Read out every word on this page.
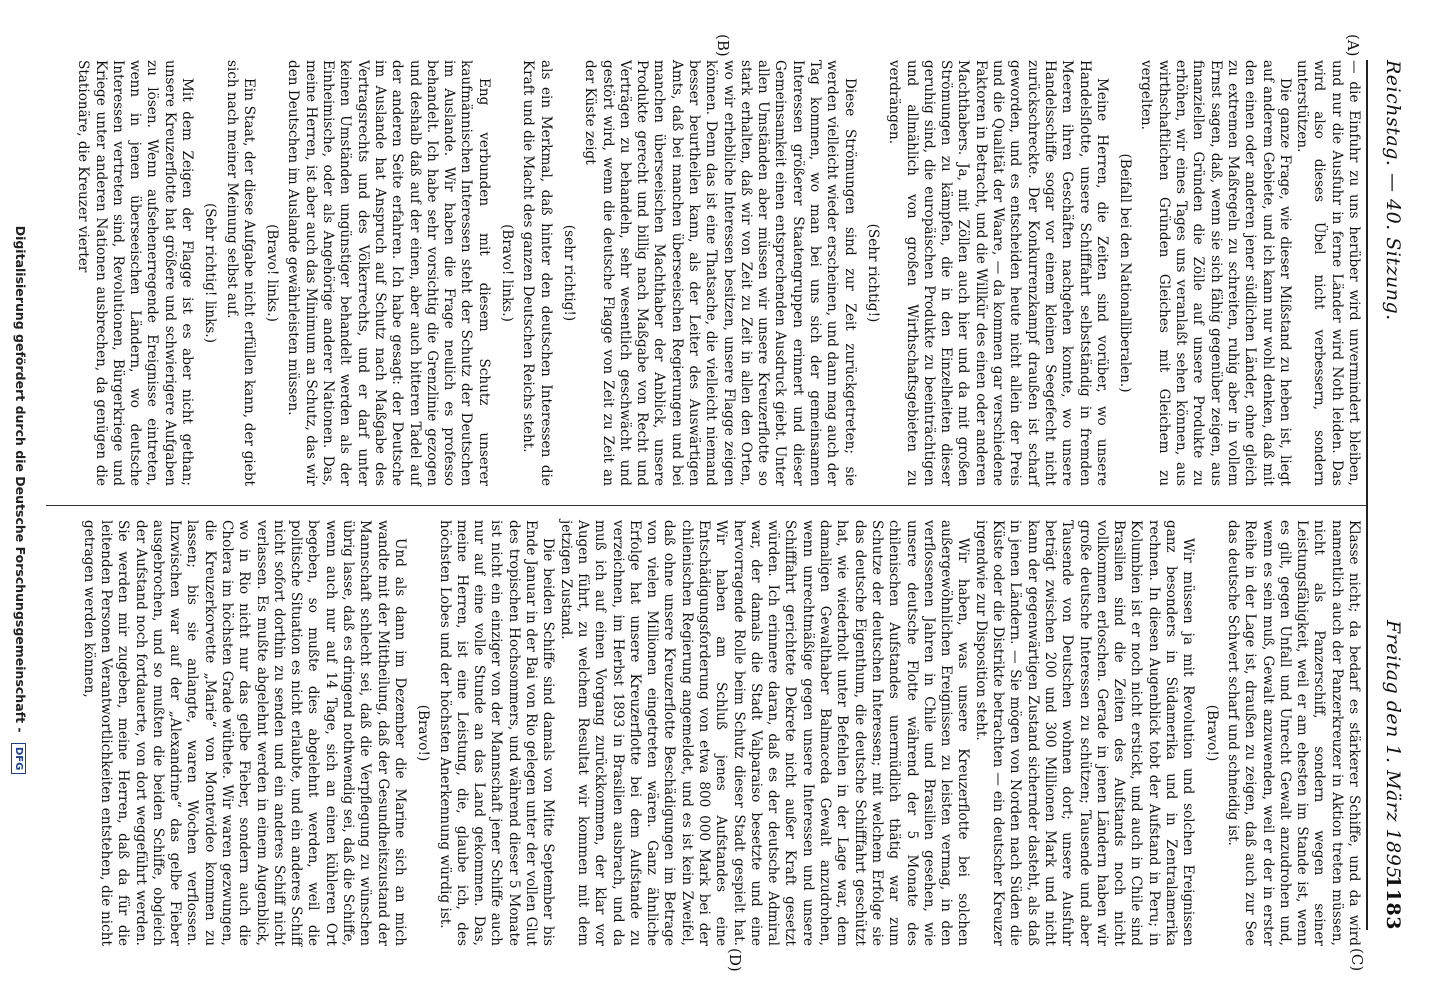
Reichstag. — 40. Sitzung.
Freitag den 1. März 1895.
1183
(A)
(B)
(C)
(D)

— die Einfuhr zu uns herüber wird unvermindert bleiben, und nur die Ausfuhr in ferne Länder wird Noth leiden. Das wird also dieses Übel nicht verbessern, sondern unterstützen.

Die ganze Frage, wie dieser Mißstand zu heben ist, liegt auf anderem Gebiete, und ich kann nur wohl denken, daß mit den einen oder anderen jener südlichen Länder, ohne gleich zu extremen Maßregeln zu schreiten, ruhig aber in vollem Ernst sagen, daß, wenn sie sich fähig gegenüber zeigen, aus finanziellen Gründen die Zölle auf unsere Produkte zu erhöhen, wir eines Tages uns veranlaßt sehen können, aus wirthschaftlichen Gründen Gleiches mit Gleichem zu vergelten.

(Beifall bei den Nationalliberalen.)

Meine Herren, die Zeiten sind vorüber, wo unsere Handelsflotte, unsere Schifffahrt selbstständig in fremden Meeren ihren Geschäften nachgehen konnte, wo unsere Handelsschiffe sogar vor einem kleinen Seegefecht nicht zurückschreckte. Der Konkurrenzkampf draußen ist scharf geworden, und es entscheiden heute nicht allein der Preis und die Qualität der Waare, — da kommen gar verschiedene Faktoren in Betracht, und die Willkür des einen oder anderen Machthabers. Ja, mit Zöllen auch hier und da mit großen Strömungen zu kämpfen, die in den Einzelheiten dieser geruhig sind, die europäischen Produkte zu beeinträchtigen und allmählich von großen Wirthschaftsgebieten zu verdrängen.

(Sehr richtig!)

Diese Strömungen sind zur Zeit zurückgetreten; sie werden vielleicht wieder erscheinen, und dann mag auch der Tag kommen, wo man bei uns sich der gemeinsamen Interessen größerer Staatengruppen erinnert und dieser Gemeinsamkeit einen entsprechenden Ausdruck giebt. Unter allen Umständen aber müssen wir unsere Kreuzerflotte so stark erhalten, daß wir von Zeit zu Zeit in allen den Orten, wo wir erhebliche Interessen besitzen, unsere Flagge zeigen können. Denn das ist eine Thatsache, die vielleicht niemand besser beurtheilen kann, als der Leiter des Auswärtigen Amts, daß bei manchen überseeischen Regierungen und bei manchen überseeischen Machthaber der Anblick, unsere Produkte gerecht und billig nach Maßgabe von Recht und Verträgen zu behandeln, sehr wesentlich geschwächt und gestört wird, wenn die deutsche Flagge von Zeit zu Zeit an der Küste zeigt

(sehr richtig!)

als ein Merkmal, daß hinter den deutschen Interessen die Kraft und die Macht des ganzen Deutschen Reichs steht.

(Bravo! links.)

Eng verbunden mit diesem Schutz unserer kaufmännischen Interessen steht der Schutz der Deutschen im Auslande. Wir haben die Frage neulich es professo behandelt. Ich habe sehr vorsichtig die Grenzlinie gezogen und deshalb daß auf der einen, aber auch bitteren Tadel auf der anderen Seite erfahren. Ich habe gesagt: der Deutsche im Auslande hat Anspruch auf Schutz nach Maßgabe des Vertragsrechts und des Völkerrechts, und er darf unter keinen Umständen ungünstiger behandelt werden als der Einheimische, oder als Angehörige anderer Nationen. Das, meine Herren, ist aber auch das Minimum an Schutz, das wir den Deutschen im Auslande gewährleisten müssen.

(Bravo! links.)

Ein Staat, der diese Aufgabe nicht erfüllen kann, der giebt sich nach meiner Meinung selbst auf.

(Sehr richtig! links.)

Mit dem Zeigen der Flagge ist es aber nicht gethan; unsere Kreuzerflotte hat größere und schwierigere Aufgaben zu lösen. Wenn aufsehenerregende Ereignisse eintreten, wenn in jenen überseeischen Ländern, wo deutsche Interessen vertreten sind, Revolutionen, Bürgerkriege und Kriege unter anderen Nationen ausbrechen, da genügen die Stationäre, die Kreuzer vierter

Klasse nicht; da bedarf es stärkerer Schiffe, und da wird namentlich auch der Panzerkreuzer in Aktion treten müssen, nicht als Panzerschiff, sondern wegen seiner Leistungsfähigkeit, weil er am ehesten im Stande ist, wenn es gilt, gegen Unfall und Unrecht Gewalt anzudrohen und, wenn es sein muß, Gewalt anzuwenden, weil er der in erster Reihe in der Lage ist, draußen zu zeigen, daß auch zur See das deutsche Schwert scharf und schneidig ist.

(Bravo!)

Wir müssen ja mit Revolution und solchen Ereignissen ganz besonders in Südamerika und in Zentralamerika rechnen. In diesen Augenblick tobt der Aufstand in Peru; in Kolumbien ist er noch nicht erstickt, und auch in Chile sind Brasilien sind die Zeiten des Aufstands noch nicht vollkommen erloschen. Gerade in jenen Ländern haben wir große deutsche Interessen zu schützen; Tausende und aber Tausende von Deutschen wohnen dort; unsere Ausfuhr beträgt zwischen 200 und 300 Millionen Mark und nicht kann der gegenwärtigen Zustand sichernder dasteht, als daß in jenen Ländern. — Sie mögen von Norden nach Süden die Küste oder die Distrikte betrachten — ein deutscher Kreuzer irgendwie zur Disposition steht.

Wir haben, was unsere Kreuzerflotte bei solchen außergewöhnlichen Ereignissen zu leisten vermag, in den verflossenen Jahren in Chile und Brasilien gesehen, wie unsere deutsche Flotte während der 5 Monate des chilenischen Aufstandes unermüdlich thätig war zum Schutze der deutschen Interessen; mit welchem Erfolge sie das deutsche Eigenthum, die deutsche Schifffahrt geschützt hat, wie wiederholt unter Befehlen in der Lage war, dem damaligen Gewalthaber Balmaceda Gewalt anzudrohen, wenn unrechtmäßige gegen unsere Interessen und unsere Schifffahrt gerichtete Dekrete nicht außer Kraft gesetzt würden. Ich erinnere daran, daß es der deutsche Admiral war, der damals die Stadt Valparaiso besetzte und eine hervorragende Rolle beim Schutz dieser Stadt gespielt hat. Wir haben am Schluß jenes Aufstandes eine Entschädigungsforderung von etwa 800 000 Mark bei der chilenischen Regierung angemeldet, und es ist kein Zweifel, daß ohne unsere Kreuzerflotte Beschädigungen im Betrage von vielen Millionen eingetreten wären. Ganz ähnliche Erfolge hat unsere Kreuzerflotte bei dem Aufstande zu verzeichnen, im Herbst 1893 in Brasilien ausbrach, und da muß ich auf einen Vorgang zurückkommen, der klar vor Augen führt, zu welchem Resultat wir kommen mit dem jetzigen Zustand.

Die beiden Schiffe sind damals von Mitte September bis Ende Januar in der Bai von Rio gelegen unter der vollen Glut des tropischen Hochsommers, und während dieser 5 Monate ist nicht ein einziger von der Mannschaft jener Schiffe auch nur auf eine volle Stunde an das Land gekommen. Das, meine Herren, ist eine Leistung, die, glaube ich, des höchsten Lobes und der höchsten Anerkennung würdig ist.

(Bravo!)

Und als dann im Dezember die Marine sich an mich wandte mit der Mittheilung, daß der Gesundheitszustand der Mannschaft schlecht sei, daß die Verpflegung zu wünschen übrig lasse, daß es dringend nothwendig sei, daß die Schiffe, wenn auch nur auf 14 Tage, sich an einen kühleren Ort begeben, so mußte dies abgelehnt werden, weil die politische Situation es nicht erlaubte, und ein anderes Schiff nicht sofort dorthin zu senden und ein anderes Schiff nicht verlassen. Es mußte abgelehnt werden in einem Augenblick, wo in Rio nicht nur das gelbe Fieber, sondern auch die Cholera im höchsten Grade wüthete. Wir waren gezwungen, die Kreuzerkorvette „Marie“ von Montevideo kommen zu lassen; bis sie anlangte, waren Wochen verflossen. Inzwischen war auf der „Alexandrine“ das gelbe Fieber ausgebrochen, und so mußten die beiden Schiffe, obgleich der Aufstand noch fortdauerte, von dort weggeführt werden. Sie werden mir zugeben, meine Herren, daß da für die leitenden Personen Verantwortlichkeiten entstehen, die nicht getragen werden können,

Digitalisierung gefördert durch die Deutsche Forschungsgemeinschaft - DFG
